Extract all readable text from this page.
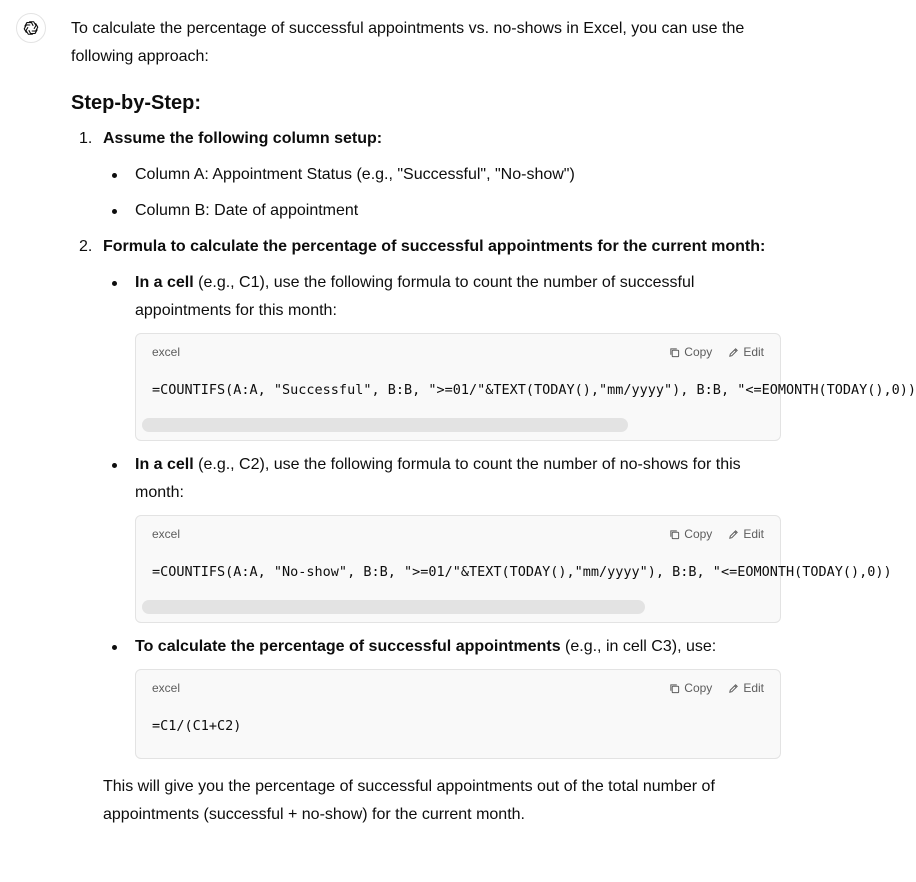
To calculate the percentage of successful appointments vs. no-shows in Excel, you can use the following approach:

Step-by-Step:
1. Assume the following column setup:

Column A: Appointment Status (e.g., "Successful", "No-show")
Column B: Date of appointment
2. Formula to calculate the percentage of successful appointments for the current month:

In a cell (e.g., C1), use the following formula to count the number of successful appointments for this month:

excel	Copy	Edit
=COUNTIFS(A:A, "Successful", B:B, ">=01/"&TEXT(TODAY(),"mm/yyyy"), B:B, "<=EOMONTH(TODAY(),0))

In a cell (e.g., C2), use the following formula to count the number of no-shows for this month:

excel	Copy	Edit
=COUNTIFS(A:A, "No-show", B:B, ">=01/"&TEXT(TODAY(),"mm/yyyy"), B:B, "<=EOMONTH(TODAY(),0))

To calculate the percentage of successful appointments (e.g., in cell C3), use:

excel	Copy	Edit
=C1/(C1+C2)

This will give you the percentage of successful appointments out of the total number of appointments (successful + no-show) for the current month.
